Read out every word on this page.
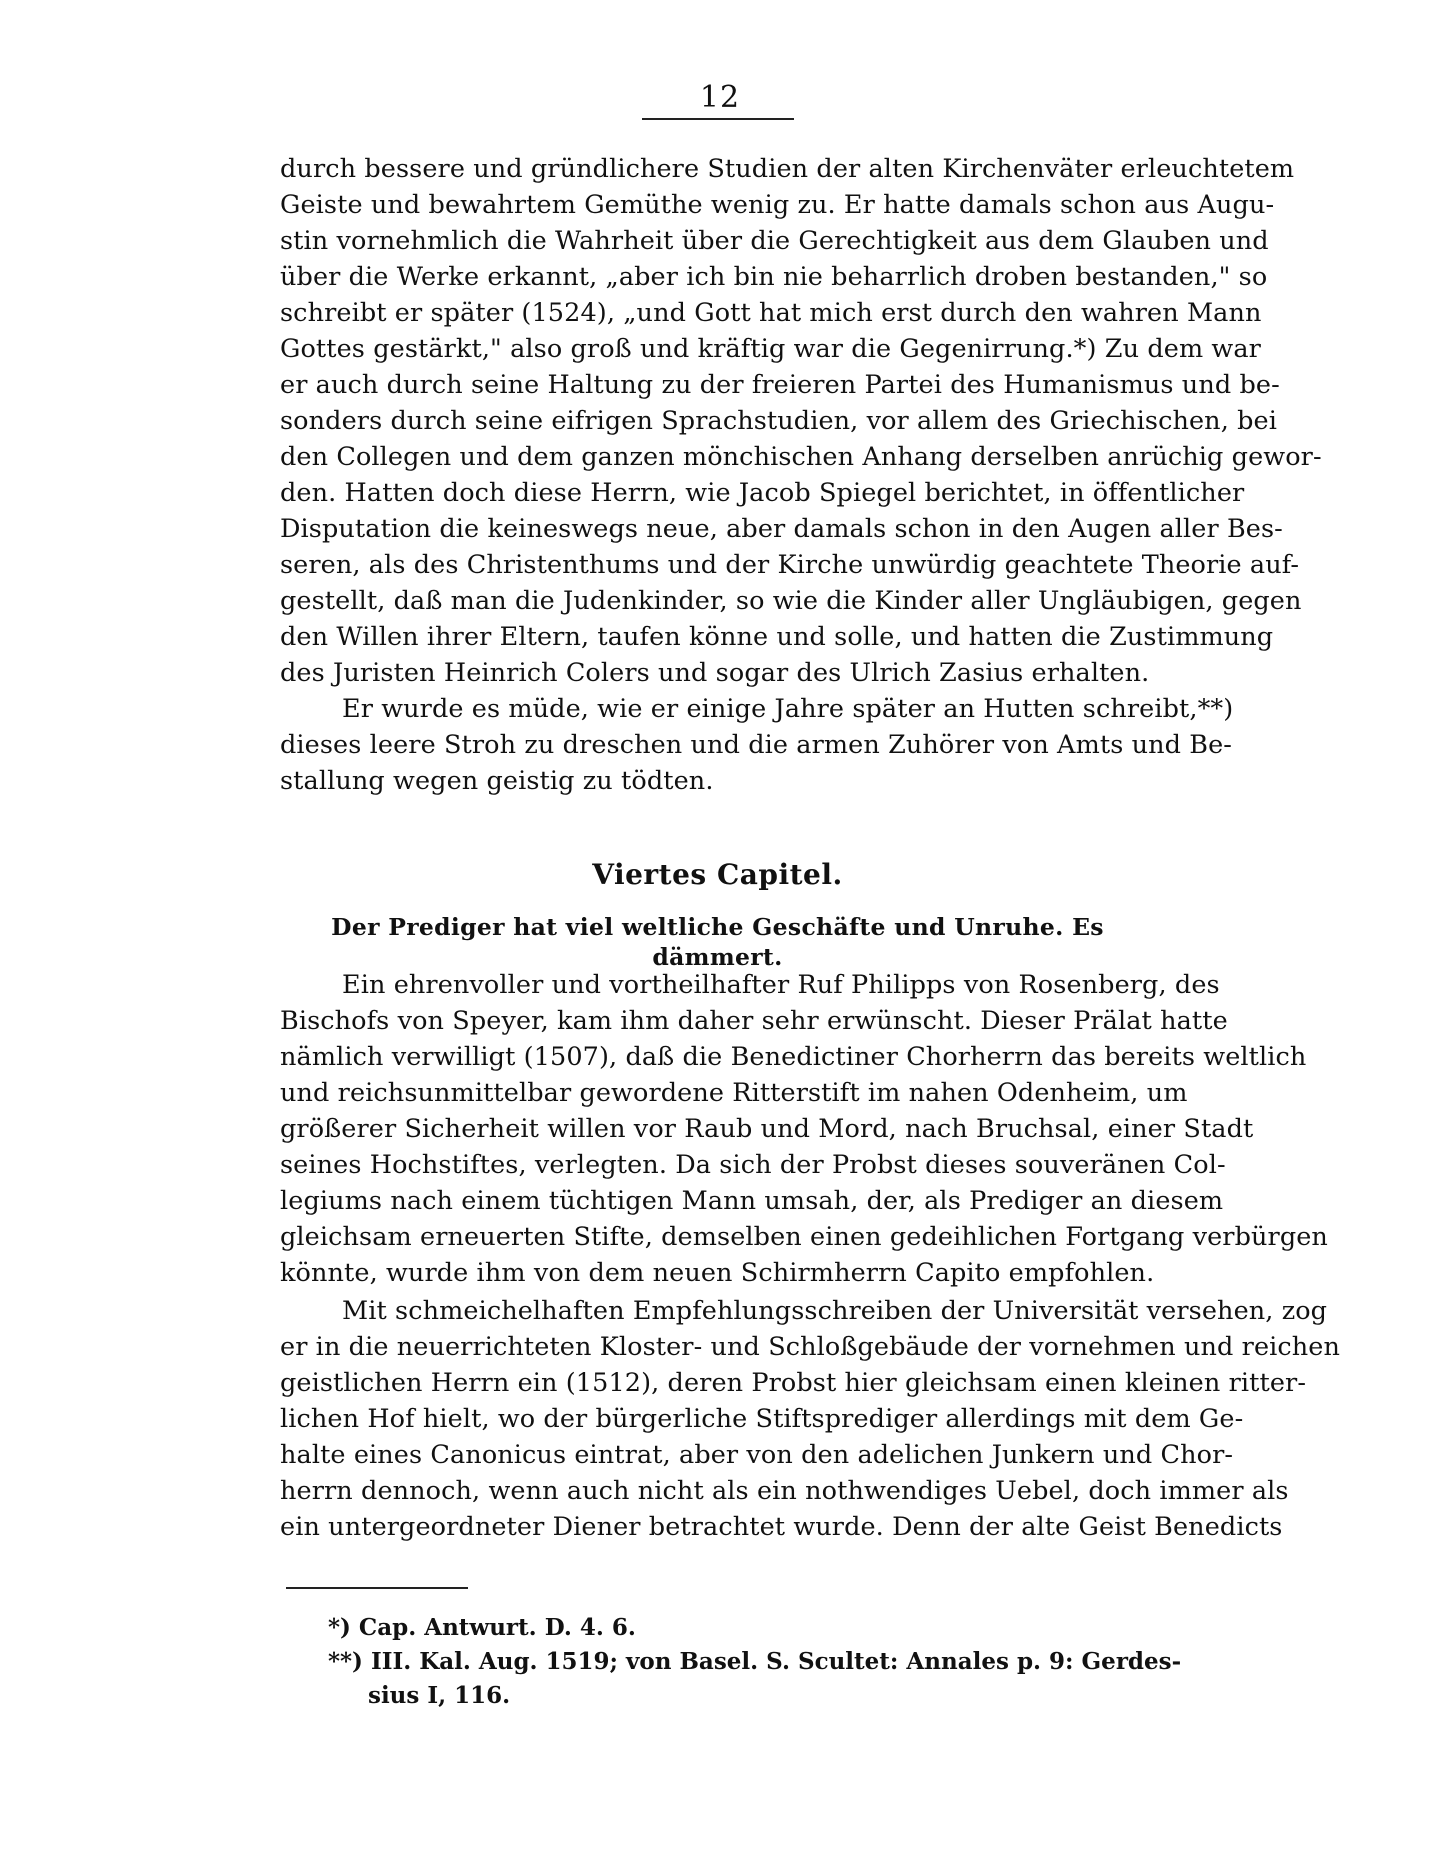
12
durch bessere und gründlichere Studien der alten Kirchenväter erleuchtetem
Geiste und bewahrtem Gemüthe wenig zu. Er hatte damals schon aus Augu-
stin vornehmlich die Wahrheit über die Gerechtigkeit aus dem Glauben und
über die Werke erkannt, „aber ich bin nie beharrlich droben bestanden," so
schreibt er später (1524), „und Gott hat mich erst durch den wahren Mann
Gottes gestärkt," also groß und kräftig war die Gegenirrung.*) Zu dem war
er auch durch seine Haltung zu der freieren Partei des Humanismus und be-
sonders durch seine eifrigen Sprachstudien, vor allem des Griechischen, bei
den Collegen und dem ganzen mönchischen Anhang derselben anrüchig gewor-
den. Hatten doch diese Herrn, wie Jacob Spiegel berichtet, in öffentlicher
Disputation die keineswegs neue, aber damals schon in den Augen aller Bes-
seren, als des Christenthums und der Kirche unwürdig geachtete Theorie auf-
gestellt, daß man die Judenkinder, so wie die Kinder aller Ungläubigen, gegen
den Willen ihrer Eltern, taufen könne und solle, und hatten die Zustimmung
des Juristen Heinrich Colers und sogar des Ulrich Zasius erhalten.
Er wurde es müde, wie er einige Jahre später an Hutten schreibt,**)
dieses leere Stroh zu dreschen und die armen Zuhörer von Amts und Be-
stallung wegen geistig zu tödten.
Viertes Capitel.
Der Prediger hat viel weltliche Geschäfte und Unruhe. Es dämmert.
Ein ehrenvoller und vortheilhafter Ruf Philipps von Rosenberg, des
Bischofs von Speyer, kam ihm daher sehr erwünscht. Dieser Prälat hatte
nämlich verwilligt (1507), daß die Benedictiner Chorherrn das bereits weltlich
und reichsunmittelbar gewordene Ritterstift im nahen Odenheim, um
größerer Sicherheit willen vor Raub und Mord, nach Bruchsal, einer Stadt
seines Hochstiftes, verlegten. Da sich der Probst dieses souveränen Col-
legiums nach einem tüchtigen Mann umsah, der, als Prediger an diesem
gleichsam erneuerten Stifte, demselben einen gedeihlichen Fortgang verbürgen
könnte, wurde ihm von dem neuen Schirmherrn Capito empfohlen.
Mit schmeichelhaften Empfehlungsschreiben der Universität versehen, zog
er in die neuerrichteten Kloster- und Schloßgebäude der vornehmen und reichen
geistlichen Herrn ein (1512), deren Probst hier gleichsam einen kleinen ritter-
lichen Hof hielt, wo der bürgerliche Stiftsprediger allerdings mit dem Ge-
halte eines Canonicus eintrat, aber von den adelichen Junkern und Chor-
herrn dennoch, wenn auch nicht als ein nothwendiges Uebel, doch immer als
ein untergeordneter Diener betrachtet wurde. Denn der alte Geist Benedicts
*) Cap. Antwurt. D. 4. 6.
**) III. Kal. Aug. 1519; von Basel. S. Scultet: Annales p. 9: Gerdes-
sius I, 116.
